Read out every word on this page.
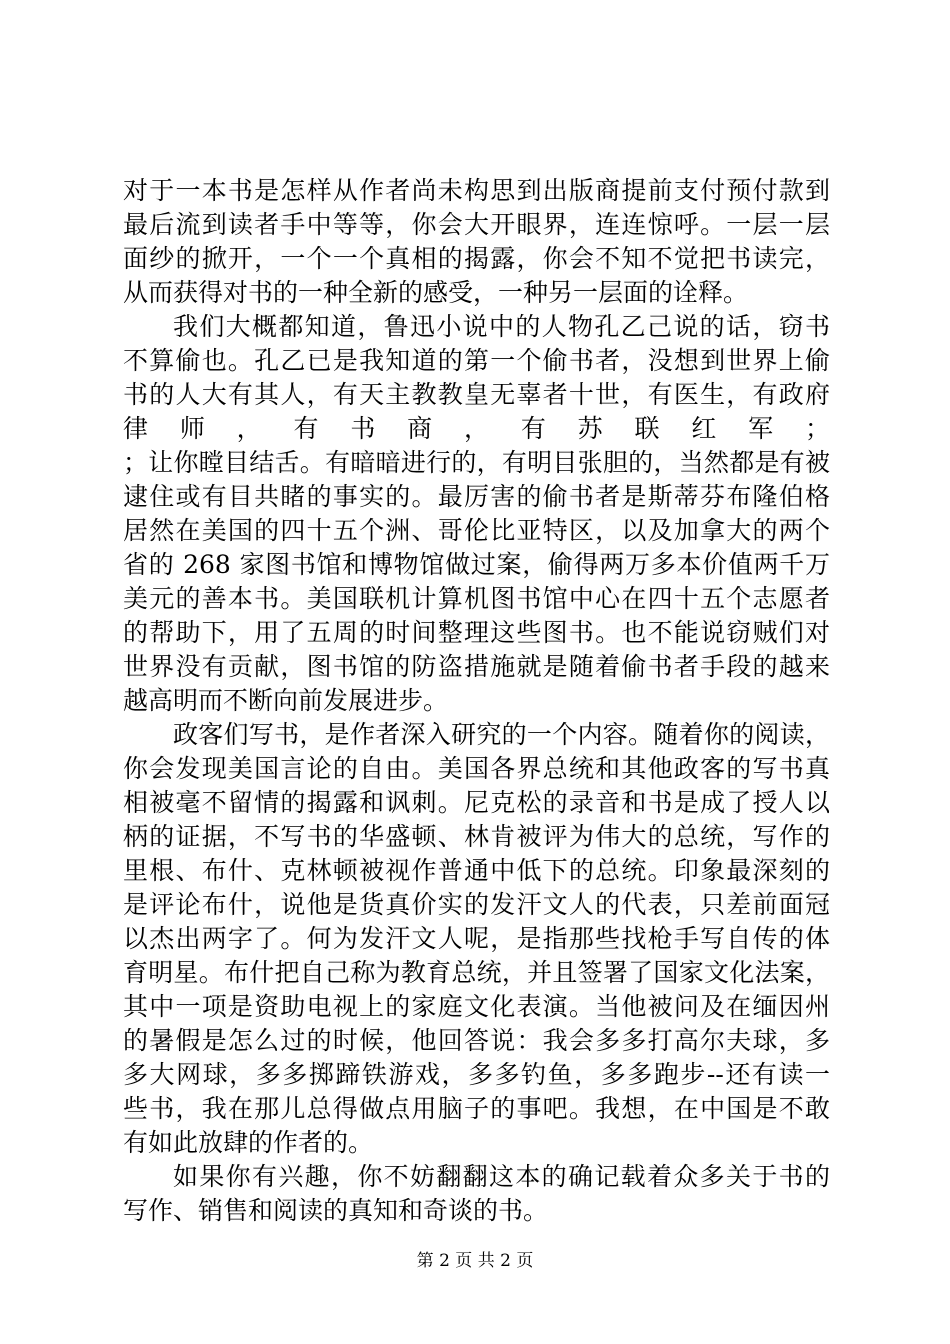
对于一本书是怎样从作者尚未构思到出版商提前支付预付款到
最后流到读者手中等等，你会大开眼界，连连惊呼。一层一层
面纱的掀开，一个一个真相的揭露，你会不知不觉把书读完，
从而获得对书的一种全新的感受，一种另一层面的诠释。
我们大概都知道，鲁迅小说中的人物孔乙己说的话，窃书
不算偷也。孔乙已是我知道的第一个偷书者，没想到世界上偷
书的人大有其人，有天主教教皇无辜者十世，有医生，有政府
律 师 ， 有 书 商 ， 有 苏 联 红 军 ；
；让你瞠目结舌。有暗暗进行的，有明目张胆的，当然都是有被
逮住或有目共睹的事实的。最厉害的偷书者是斯蒂芬布隆伯格
居然在美国的四十五个洲、哥伦比亚特区，以及加拿大的两个
省的 268 家图书馆和博物馆做过案，偷得两万多本价值两千万
美元的善本书。美国联机计算机图书馆中心在四十五个志愿者
的帮助下，用了五周的时间整理这些图书。也不能说窃贼们对
世界没有贡献，图书馆的防盗措施就是随着偷书者手段的越来
越高明而不断向前发展进步。
政客们写书，是作者深入研究的一个内容。随着你的阅读，
你会发现美国言论的自由。美国各界总统和其他政客的写书真
相被毫不留情的揭露和讽刺。尼克松的录音和书是成了授人以
柄的证据，不写书的华盛顿、林肯被评为伟大的总统，写作的
里根、布什、克林顿被视作普通中低下的总统。印象最深刻的
是评论布什，说他是货真价实的发汗文人的代表，只差前面冠
以杰出两字了。何为发汗文人呢，是指那些找枪手写自传的体
育明星。布什把自己称为教育总统，并且签署了国家文化法案，
其中一项是资助电视上的家庭文化表演。当他被问及在缅因州
的暑假是怎么过的时候，他回答说：我会多多打高尔夫球，多
多大网球，多多掷蹄铁游戏，多多钓鱼，多多跑步--还有读一
些书，我在那儿总得做点用脑子的事吧。我想，在中国是不敢
有如此放肆的作者的。
如果你有兴趣，你不妨翻翻这本的确记载着众多关于书的
写作、销售和阅读的真知和奇谈的书。
第 2 页 共 2 页
